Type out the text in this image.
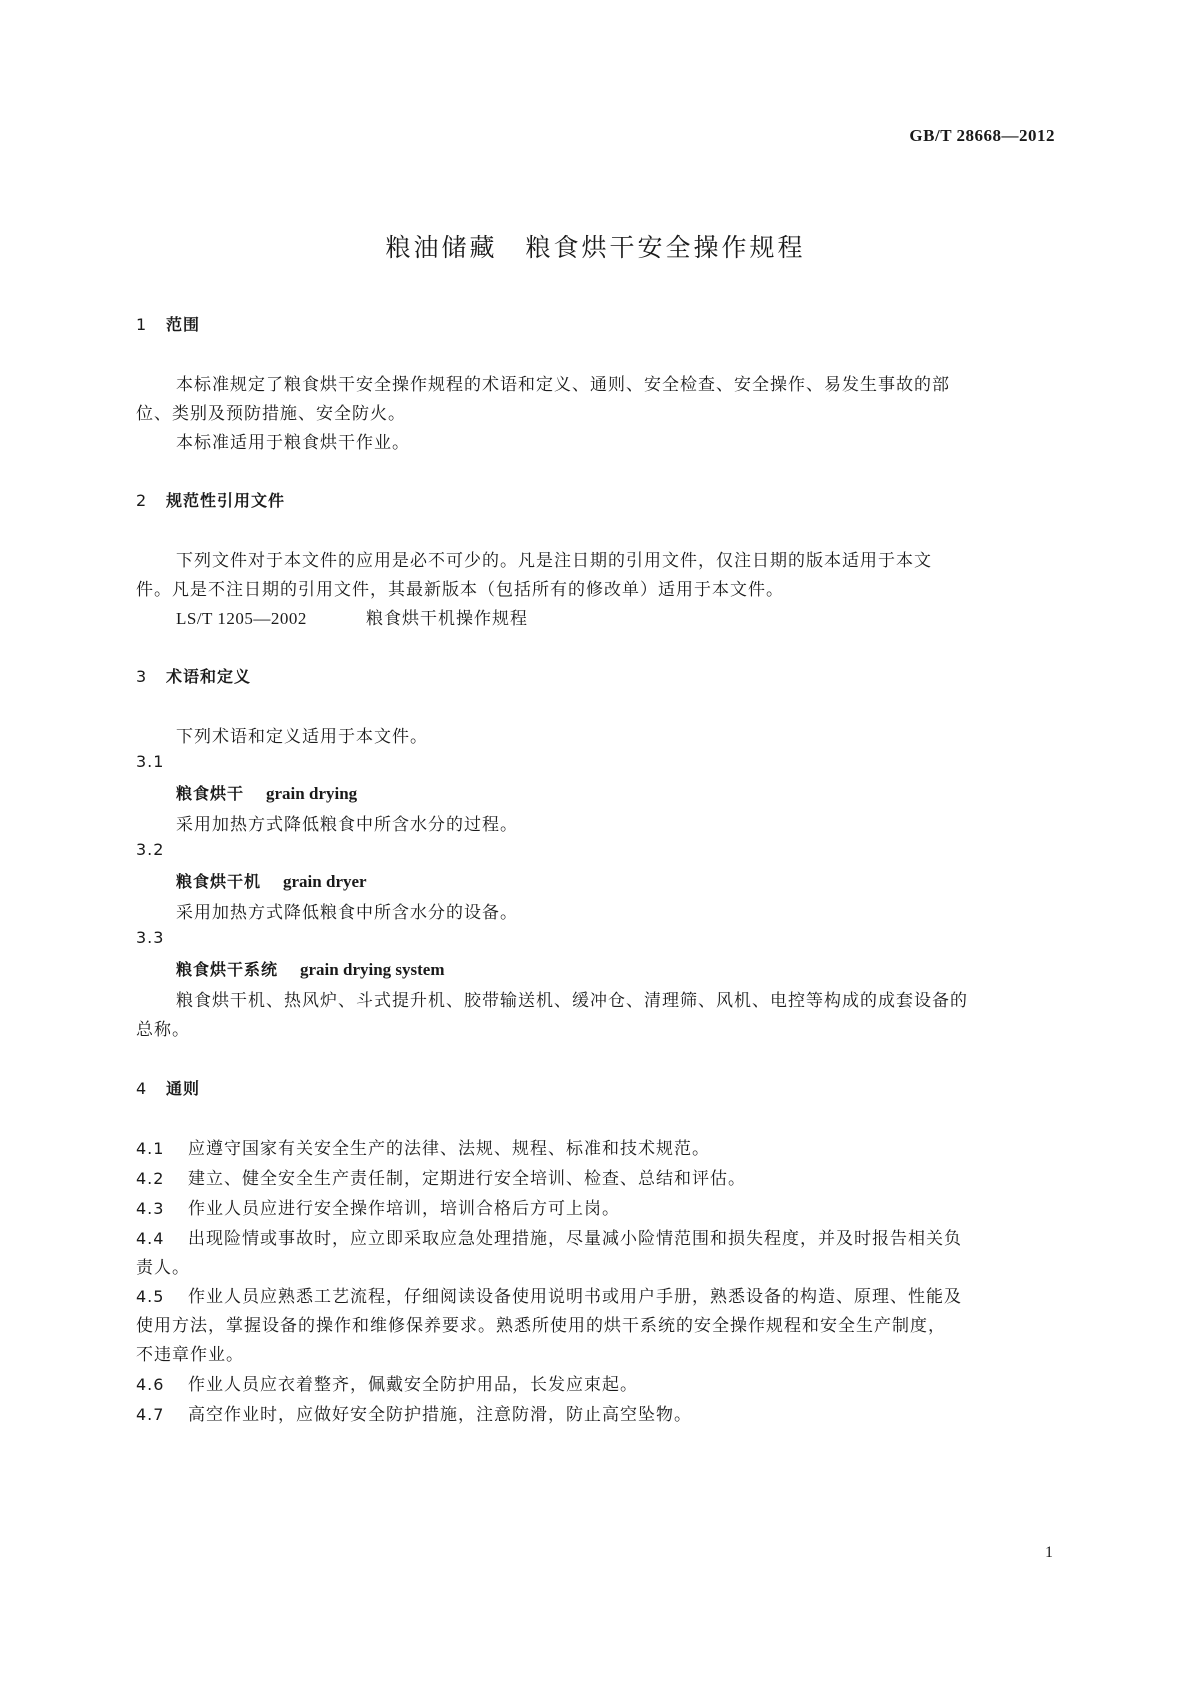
GB/T 28668—2012
粮油储藏　粮食烘干安全操作规程
1 范围
本标准规定了粮食烘干安全操作规程的术语和定义、通则、安全检查、安全操作、易发生事故的部
位、类别及预防措施、安全防火。
本标准适用于粮食烘干作业。
2 规范性引用文件
下列文件对于本文件的应用是必不可少的。凡是注日期的引用文件，仅注日期的版本适用于本文
件。凡是不注日期的引用文件，其最新版本（包括所有的修改单）适用于本文件。
LS/T 1205—2002	粮食烘干机操作规程
3 术语和定义
下列术语和定义适用于本文件。
3.1
粮食烘干 grain drying
采用加热方式降低粮食中所含水分的过程。
3.2
粮食烘干机 grain dryer
采用加热方式降低粮食中所含水分的设备。
3.3
粮食烘干系统 grain drying system
粮食烘干机、热风炉、斗式提升机、胶带输送机、缓冲仓、清理筛、风机、电控等构成的成套设备的
总称。
4 通则
4.1 应遵守国家有关安全生产的法律、法规、规程、标准和技术规范。
4.2 建立、健全安全生产责任制，定期进行安全培训、检查、总结和评估。
4.3 作业人员应进行安全操作培训，培训合格后方可上岗。
4.4 出现险情或事故时，应立即采取应急处理措施，尽量减小险情范围和损失程度，并及时报告相关负
责人。
4.5 作业人员应熟悉工艺流程，仔细阅读设备使用说明书或用户手册，熟悉设备的构造、原理、性能及
使用方法，掌握设备的操作和维修保养要求。熟悉所使用的烘干系统的安全操作规程和安全生产制度，
不违章作业。
4.6 作业人员应衣着整齐，佩戴安全防护用品，长发应束起。
4.7 高空作业时，应做好安全防护措施，注意防滑，防止高空坠物。
1
